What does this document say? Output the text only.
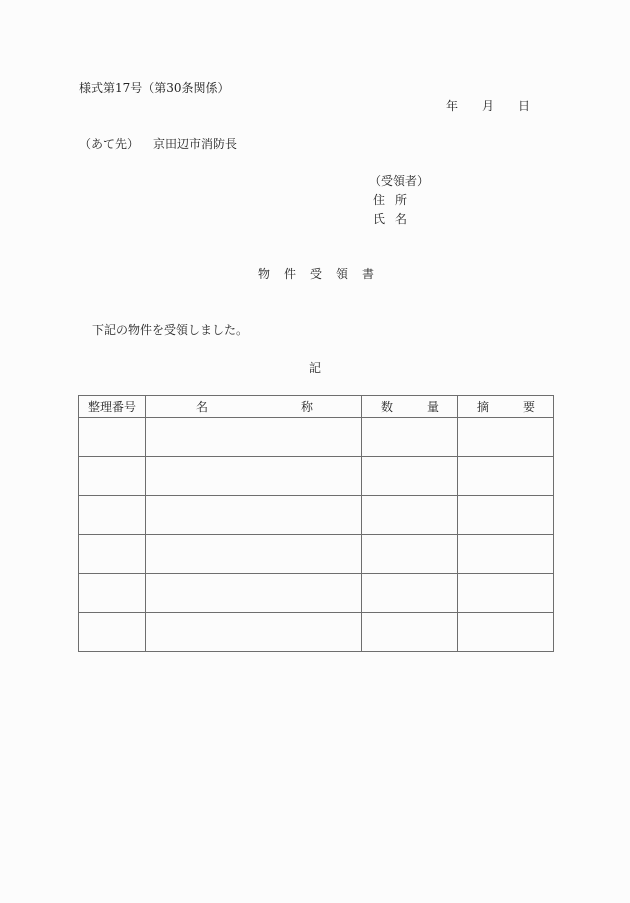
様式第17号（第30条関係）
年 月 日
（あて先） 京田辺市消防長
（受領者）
住所
氏名
物件受領書
下記の物件を受領しました。
記
整理番号	名 称	数 量	摘 要
